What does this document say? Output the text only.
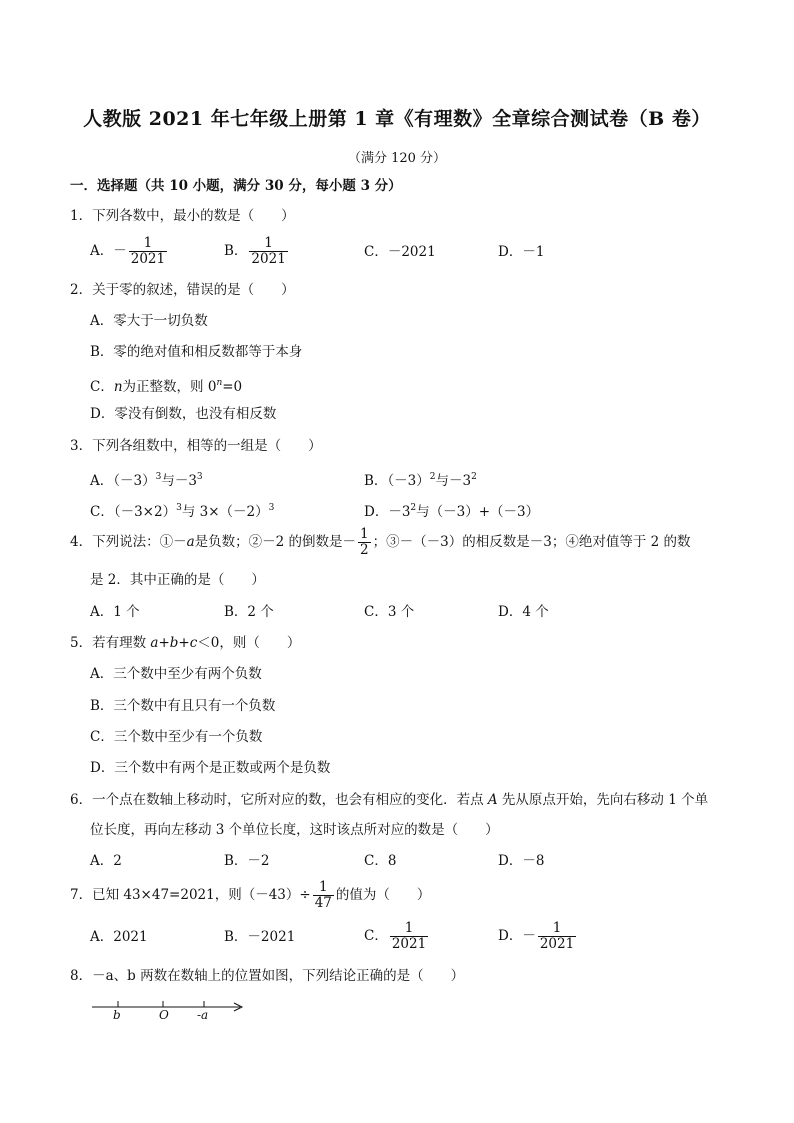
人教版 2021 年七年级上册第 1 章《有理数》全章综合测试卷（B 卷）
（满分 120 分）
一．选择题（共 10 小题，满分 30 分，每小题 3 分）
1．下列各数中，最小的数是（　　）
A．－ $\frac{1}{2021}$	B． $\frac{1}{2021}$	C．－2021	D．－1
2．关于零的叙述，错误的是（　　）
A．零大于一切负数
B．零的绝对值和相反数都等于本身
C．n为正整数，则 $0^n=0$
D．零没有倒数，也没有相反数
3．下列各组数中，相等的一组是（　　）
A．$(-3)^3$与$-3^3$	B．$(-3)^2$与$-3^2$
C．$(-3\times 2)^3$与 $3\times(-2)^3$	D．$-3^2$与（－3）+（－3）
4．下列说法：①－a是负数；②－2 的倒数是－ $\frac{1}{2}$ ；③－（－3）的相反数是－3；④绝对值等于 2 的数
是 2．其中正确的是（　　）
A．1 个	B．2 个	C．3 个	D．4 个
5．若有理数 a+b+c＜0，则（　　）
A．三个数中至少有两个负数
B．三个数中有且只有一个负数
C．三个数中至少有一个负数
D．三个数中有两个是正数或两个是负数
6．一个点在数轴上移动时，它所对应的数，也会有相应的变化．若点 A 先从原点开始，先向右移动 1 个单
位长度，再向左移动 3 个单位长度，这时该点所对应的数是（　　）
A．2	B．－2	C．8	D．－8
7．已知 43×47=2021，则$(-43)\div \frac{1}{47}$ 的值为（　　）
A．2021	B．－2021	C． $\frac{1}{2021}$	D．－ $\frac{1}{2021}$
8．－a、b 两数在数轴上的位置如图，下列结论正确的是（　　）
b	O -a
